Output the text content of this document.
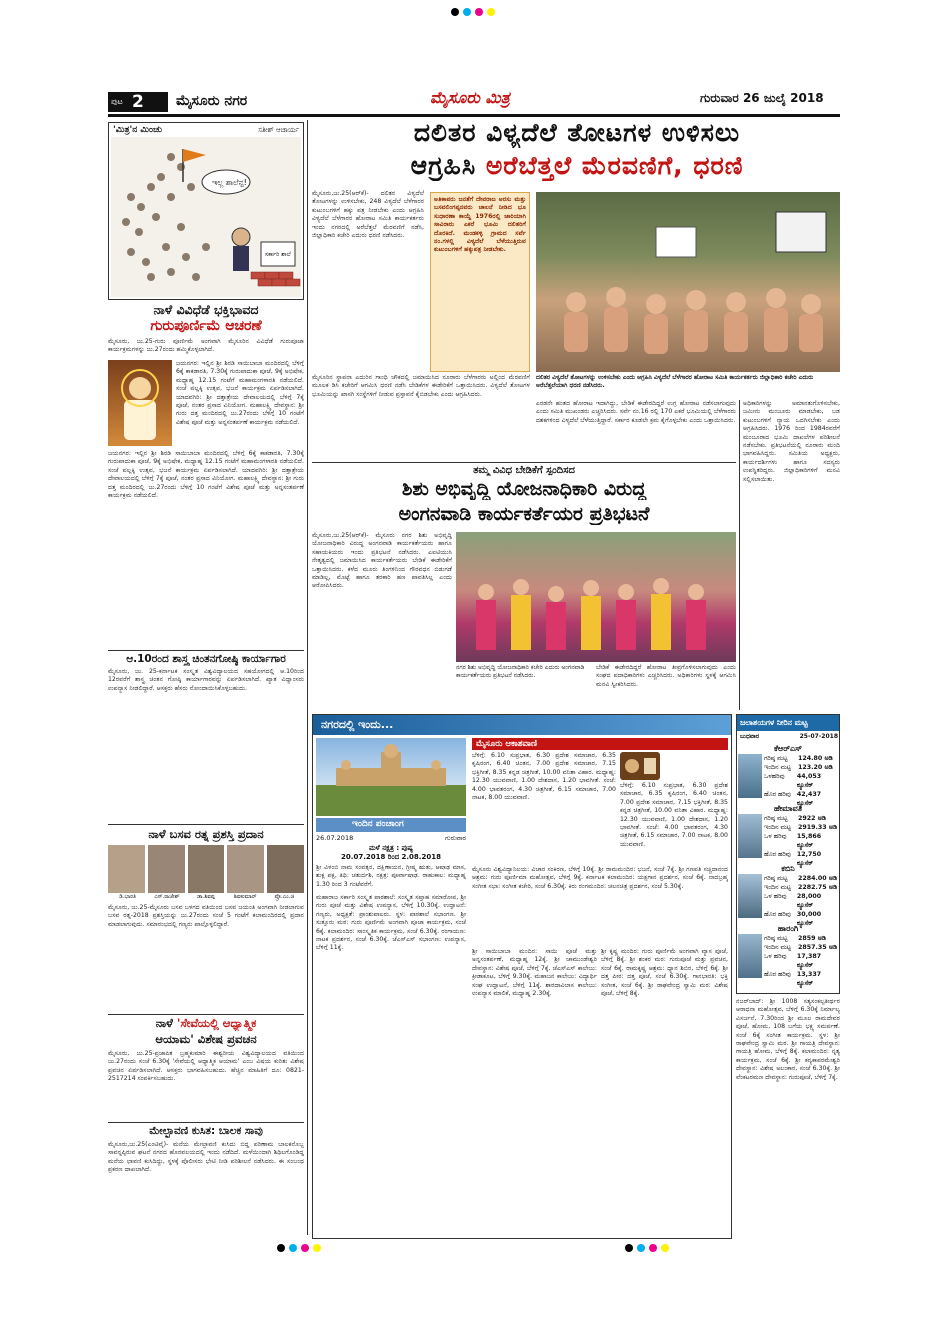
ಪುಟ 2 ಮೈಸೂರು ನಗರ	ಮೈಸೂರು ಮಿತ್ರ	ಗುರುವಾರ 26 ಜುಲೈ 2018
'ಮಿತ್ರ'ನ ಮಿಂಚು	ಸತೀಶ್ ಆಚಾರ್ಯ
ಇಲ್ಲ ಶಾಲೆನ್ಪ!
ಸರ್ಕಾರಿ ಶಾಲೆ
ನಾಳೆ ವಿವಿಧೆಡೆ ಭಕ್ತಿಭಾವದ
ಗುರುಪೂರ್ಣಿಮೆ ಆಚರಣೆ
ಮೈಸೂರು, ಜು.25-ಗುರು ಪೂರ್ಣಿಮೆ ಅಂಗವಾಗಿ ಮೈಸೂರಿನ ವಿವಿಧೆಡೆ ಗುರುಪೂಜಾ ಕಾರ್ಯಕ್ರಮಗಳನ್ನು ಜು.27ರಂದು ಹಮ್ಮಿಕೊಳ್ಳಲಾಗಿದೆ.
ಜಯನಗರ: ಇಲ್ಲಿನ ಶ್ರೀ ಶಿರಡಿ ಸಾಯಿಬಾಬಾ ಮಂದಿರದಲ್ಲಿ ಬೆಳಿಗ್ಗೆ 6ಕ್ಕೆ ಕಾಕಡಾರತಿ, 7.30ಕ್ಕೆ ಗುರುಪಾದುಕಾ ಪೂಜೆ, 9ಕ್ಕೆ ಅಭಿಷೇಕ, ಮಧ್ಯಾಹ್ನ 12.15 ಗಂಟೆಗೆ ಮಹಾಮಂಗಳಾರತಿ ನಡೆಯಲಿದೆ. ಸಂಜೆ ಪಲ್ಲಕ್ಕಿ ಉತ್ಸವ, ಭಜನೆ ಕಾರ್ಯಕ್ರಮ ಏರ್ಪಡಿಸಲಾಗಿದೆ. ಯಾದವಗಿರಿ: ಶ್ರೀ ದತ್ತಾತ್ರೇಯ ದೇವಾಲಯದಲ್ಲಿ ಬೆಳಿಗ್ಗೆ 7ಕ್ಕೆ ಪೂಜೆ, ನಂತರ ಪ್ರಸಾದ ವಿನಿಯೋಗ. ಮಹಾಲಕ್ಷ್ಮಿ ದೇವಸ್ಥಾನ: ಶ್ರೀ ಗುರು ದತ್ತ ಮಂದಿರದಲ್ಲಿ ಜು.27ರಂದು ಬೆಳಿಗ್ಗೆ 10 ಗಂಟೆಗೆ ವಿಶೇಷ ಪೂಜೆ ಮತ್ತು ಅನ್ನಸಂತರ್ಪಣೆ ಕಾರ್ಯಕ್ರಮ ನಡೆಯಲಿದೆ.
ಜಯನಗರ: ಇಲ್ಲಿನ ಶ್ರೀ ಶಿರಡಿ ಸಾಯಿಬಾಬಾ ಮಂದಿರದಲ್ಲಿ ಬೆಳಿಗ್ಗೆ 6ಕ್ಕೆ ಕಾಕಡಾರತಿ, 7.30ಕ್ಕೆ ಗುರುಪಾದುಕಾ ಪೂಜೆ, 9ಕ್ಕೆ ಅಭಿಷೇಕ, ಮಧ್ಯಾಹ್ನ 12.15 ಗಂಟೆಗೆ ಮಹಾಮಂಗಳಾರತಿ ನಡೆಯಲಿದೆ. ಸಂಜೆ ಪಲ್ಲಕ್ಕಿ ಉತ್ಸವ, ಭಜನೆ ಕಾರ್ಯಕ್ರಮ ಏರ್ಪಡಿಸಲಾಗಿದೆ. ಯಾದವಗಿರಿ: ಶ್ರೀ ದತ್ತಾತ್ರೇಯ ದೇವಾಲಯದಲ್ಲಿ ಬೆಳಿಗ್ಗೆ 7ಕ್ಕೆ ಪೂಜೆ, ನಂತರ ಪ್ರಸಾದ ವಿನಿಯೋಗ. ಮಹಾಲಕ್ಷ್ಮಿ ದೇವಸ್ಥಾನ: ಶ್ರೀ ಗುರು ದತ್ತ ಮಂದಿರದಲ್ಲಿ ಜು.27ರಂದು ಬೆಳಿಗ್ಗೆ 10 ಗಂಟೆಗೆ ವಿಶೇಷ ಪೂಜೆ ಮತ್ತು ಅನ್ನಸಂತರ್ಪಣೆ ಕಾರ್ಯಕ್ರಮ ನಡೆಯಲಿದೆ.
ಆ.10ರಂದ ಶಾಸ್ತ್ರ ಚಿಂತನಗೋಷ್ಠಿ ಕಾರ್ಯಾಗಾರ
ಮೈಸೂರು, ಜು. 25-ಕರ್ನಾಟಕ ಸಂಸ್ಕೃತ ವಿಶ್ವವಿದ್ಯಾಲಯದ ಸಹಯೋಗದಲ್ಲಿ ಆ.10ರಿಂದ 12ರವರೆಗೆ ಶಾಸ್ತ್ರ ಚಿಂತನ ಗೋಷ್ಠಿ ಕಾರ್ಯಾಗಾರವನ್ನು ಏರ್ಪಡಿಸಲಾಗಿದೆ. ಖ್ಯಾತ ವಿದ್ವಾಂಸರು ಉಪನ್ಯಾಸ ನೀಡಲಿದ್ದಾರೆ. ಆಸಕ್ತರು ಹೆಸರು ನೋಂದಾಯಿಸಿಕೊಳ್ಳಬಹುದು.
ನಾಳೆ ಬಸವ ರತ್ನ ಪ್ರಶಸ್ತಿ ಪ್ರದಾನ
ಡಿ.ಭಾರತಿ	ಎಸ್.ರಾಜೇಶ್	ಡಾ.ಶಿವಪ್ಪ	ಶಿವಕುಮಾರ್	ಪ್ರೊ.ಎಂ.ಜಿ
ಮೈಸೂರು, ಜು.25-ಮೈಸೂರು ಬಸವ ಬಳಗದ ವತಿಯಿಂದ ಬಸವ ಜಯಂತಿ ಅಂಗವಾಗಿ ನೀಡಲಾಗುವ ಬಸವ ರತ್ನ-2018 ಪ್ರಶಸ್ತಿಯನ್ನು ಜು.27ರಂದು ಸಂಜೆ 5 ಗಂಟೆಗೆ ಕಲಾಮಂದಿರದಲ್ಲಿ ಪ್ರದಾನ ಮಾಡಲಾಗುವುದು. ಸಮಾರಂಭದಲ್ಲಿ ಗಣ್ಯರು ಪಾಲ್ಗೊಳ್ಳಲಿದ್ದಾರೆ.
ನಾಳೆ 'ಸೇವೆಯಲ್ಲಿ ಆಧ್ಯಾತ್ಮಿಕ
ಆಯಾಮ' ವಿಶೇಷ ಪ್ರವಚನ
ಮೈಸೂರು, ಜು.25-ಪ್ರಜಾಪಿತ ಬ್ರಹ್ಮಕುಮಾರಿ ಈಶ್ವರೀಯ ವಿಶ್ವವಿದ್ಯಾಲಯದ ವತಿಯಿಂದ ಜು.27ರಂದು ಸಂಜೆ 6.30ಕ್ಕೆ 'ಸೇವೆಯಲ್ಲಿ ಆಧ್ಯಾತ್ಮಿಕ ಆಯಾಮ' ಎಂಬ ವಿಷಯ ಕುರಿತು ವಿಶೇಷ ಪ್ರವಚನ ಏರ್ಪಡಿಸಲಾಗಿದೆ. ಆಸಕ್ತರು ಭಾಗವಹಿಸಬಹುದು. ಹೆಚ್ಚಿನ ಮಾಹಿತಿಗೆ ದೂ: 0821-2517214 ಸಂಪರ್ಕಿಸಬಹುದು.
ಮೇಲ್ಛಾವಣಿ ಕುಸಿತ: ಬಾಲಕ ಸಾವು
ಮೈಸೂರು,ಜು.25(ಎಂಟಿವೈ)- ಮನೆಯ ಮೇಲ್ಛಾವಣಿ ಕುಸಿದು ಬಿದ್ದ ಪರಿಣಾಮ ಬಾಲಕನೊಬ್ಬ ಸಾವನ್ನಪ್ಪಿರುವ ಘಟನೆ ನಗರದ ಹೊರವಲಯದಲ್ಲಿ ಇಂದು ನಡೆದಿದೆ. ಮಳೆಯಿಂದಾಗಿ ಶಿಥಿಲಗೊಂಡಿದ್ದ ಮನೆಯ ಛಾವಣಿ ಕುಸಿದಿದ್ದು, ಸ್ಥಳಕ್ಕೆ ಪೊಲೀಸರು ಭೇಟಿ ನೀಡಿ ಪರಿಶೀಲನೆ ನಡೆಸಿದರು. ಈ ಸಂಬಂಧ ಪ್ರಕರಣ ದಾಖಲಾಗಿದೆ.
ದಲಿತರ ವಿಳ್ಯದೆಲೆ ತೋಟಗಳ ಉಳಿಸಲು
ಆಗ್ರಹಿಸಿ ಅರೆಬೆತ್ತಲೆ ಮೆರವಣಿಗೆ, ಧರಣಿ
ಮೈಸೂರು,ಜು.25(ಆರ್‌ಕೆ)- ದಲಿತರ ವಿಳ್ಯದೆಲೆ ತೋಟಗಳನ್ನು ಉಳಿಸಬೇಕು, 248 ವಿಳ್ಯದೆಲೆ ಬೆಳೆಗಾರರ ಕುಟುಂಬಗಳಿಗೆ ಹಕ್ಕು ಪತ್ರ ನೀಡಬೇಕು ಎಂದು ಆಗ್ರಹಿಸಿ ವಿಳ್ಯದೆಲೆ ಬೆಳೆಗಾರರ ಹೋರಾಟ ಸಮಿತಿ ಕಾರ್ಯಕರ್ತರು ಇಂದು ನಗರದಲ್ಲಿ ಅರೆಬೆತ್ತಲೆ ಮೆರವಣಿಗೆ ನಡೆಸಿ, ಜಿಲ್ಲಾಧಿಕಾರಿ ಕಚೇರಿ ಎದುರು ಧರಣಿ ನಡೆಸಿದರು.
ಅತಿಕಾಪರು ಜನತೆಗೆ ದೇವರಾಜ ಅರಸು ಮತ್ತು ಬಸವಲಿಂಗಪ್ಪನವರು ಚಾಲನೆ ನೀಡಿದ ಭೂ ಸುಧಾರಣಾ ಕಾಯ್ದೆ 1976ರಲ್ಲಿ ಜಾರಿಯಾಗಿ ಸಾವಿರಾರು ಎಕರೆ ಭೂಮಿ ದಲಿತರಿಗೆ ದೊರಕಿದೆ. ಮಂಡಕಳ್ಳಿ ಗ್ರಾಮದ ಸರ್ವೆ ನಂ.ಗಳಲ್ಲಿ ವಿಳ್ಯದೆಲೆ ಬೆಳೆಯುತ್ತಿರುವ ಕುಟುಂಬಗಳಿಗೆ ಹಕ್ಕುಪತ್ರ ನೀಡಬೇಕು.
ಮೈಸೂರಿನ ಸ್ಥಾಪನಾ ಎದುರಿನ ಗಾಂಧಿ ಚೌಕದಲ್ಲಿ ಜಮಾಯಿಸಿದ ನೂರಾರು ಬೆಳೆಗಾರರು ಅಲ್ಲಿಂದ ಮೆರವಣಿಗೆ ಮೂಲಕ ಡಿಸಿ ಕಚೇರಿಗೆ ಆಗಮಿಸಿ ಧರಣಿ ನಡೆಸಿ ಬೇಡಿಕೆಗಳ ಈಡೇರಿಕೆಗೆ ಒತ್ತಾಯಿಸಿದರು. ವಿಳ್ಯದೆಲೆ ತೋಟಗಳ ಭೂಮಿಯನ್ನು ಖಾಸಗಿ ಸಂಸ್ಥೆಗಳಿಗೆ ನೀಡುವ ಪ್ರಸ್ತಾವನೆ ಕೈಬಿಡಬೇಕು ಎಂದು ಆಗ್ರಹಿಸಿದರು.
ದಲಿತರ ವಿಳ್ಯದೆಲೆ ತೋಟಗಳನ್ನು ಉಳಿಸಬೇಕು ಎಂದು ಆಗ್ರಹಿಸಿ ವಿಳ್ಯದೆಲೆ ಬೆಳೆಗಾರರ ಹೋರಾಟ ಸಮಿತಿ ಕಾರ್ಯಕರ್ತರು ಜಿಲ್ಲಾಧಿಕಾರಿ ಕಚೇರಿ ಎದುರು ಅರೆಬೆತ್ತಲೆಯಾಗಿ ಧರಣಿ ನಡೆಸಿದರು.
ಎರಡನೇ ಹಂತದ ಹೋರಾಟ ಇದಾಗಿದ್ದು, ಬೇಡಿಕೆ ಈಡೇರದಿದ್ದರೆ ಉಗ್ರ ಹೋರಾಟ ನಡೆಸಲಾಗುವುದು ಎಂದು ಸಮಿತಿ ಮುಖಂಡರು ಎಚ್ಚರಿಸಿದರು. ಸರ್ವೆ ನಂ.16 ರಲ್ಲಿ 170 ಎಕರೆ ಭೂಮಿಯಲ್ಲಿ ಬೆಳೆಗಾರರು ದಶಕಗಳಿಂದ ವಿಳ್ಯದೆಲೆ ಬೆಳೆಯುತ್ತಿದ್ದಾರೆ. ಸರ್ಕಾರ ಕೂಡಲೇ ಕ್ರಮ ಕೈಗೊಳ್ಳಬೇಕು ಎಂದು ಒತ್ತಾಯಿಸಿದರು.
ಅಧಿಕಾರಿಗಳನ್ನು ಅಮಾನತುಗೊಳಿಸಬೇಕು, ಜಮೀನು ಮಂಜೂರು ಮಾಡಬೇಕು, ಬಡ ಕುಟುಂಬಗಳಿಗೆ ನ್ಯಾಯ ಒದಗಿಸಬೇಕು ಎಂದು ಆಗ್ರಹಿಸಿದರು. 1976 ರಿಂದ 1984ರವರೆಗೆ ಮಂಜೂರಾದ ಭೂಮಿ ದಾಖಲೆಗಳ ಪರಿಶೀಲನೆ ನಡೆಸಬೇಕು. ಪ್ರತಿಭಟನೆಯಲ್ಲಿ ನೂರಾರು ಮಂದಿ ಭಾಗವಹಿಸಿದ್ದರು. ಸಮಿತಿಯ ಅಧ್ಯಕ್ಷರು, ಕಾರ್ಯದರ್ಶಿಗಳು ಹಾಗೂ ಸದಸ್ಯರು ಉಪಸ್ಥಿತರಿದ್ದರು. ಜಿಲ್ಲಾಧಿಕಾರಿಗಳಿಗೆ ಮನವಿ ಸಲ್ಲಿಸಲಾಯಿತು.
ತಮ್ಮ ವಿವಿಧ ಬೇಡಿಕೆಗೆ ಸ್ಪಂದಿಸದ
ಶಿಶು ಅಭಿವೃದ್ಧಿ ಯೋಜನಾಧಿಕಾರಿ ವಿರುದ್ಧ
ಅಂಗನವಾಡಿ ಕಾರ್ಯಕರ್ತೆಯರ ಪ್ರತಿಭಟನೆ
ಮೈಸೂರು,ಜು.25(ಆರ್‌ಕೆ)- ಮೈಸೂರು ನಗರ ಶಿಶು ಅಭಿವೃದ್ಧಿ ಯೋಜನಾಧಿಕಾರಿ ವಿರುದ್ಧ ಅಂಗನವಾಡಿ ಕಾರ್ಯಕರ್ತೆಯರು ಹಾಗೂ ಸಹಾಯಕಿಯರು ಇಂದು ಪ್ರತಿಭಟನೆ ನಡೆಸಿದರು. ಎಐಟಿಯುಸಿ ನೇತೃತ್ವದಲ್ಲಿ ಜಮಾಯಿಸಿದ ಕಾರ್ಯಕರ್ತೆಯರು ಬೇಡಿಕೆ ಈಡೇರಿಕೆಗೆ ಒತ್ತಾಯಿಸಿದರು. ಕಳೆದ ಮೂರು ತಿಂಗಳಿನಿಂದ ಗೌರವಧನ ಬಿಡುಗಡೆ ಮಾಡಿಲ್ಲ, ಮೊಟ್ಟೆ ಹಾಗೂ ತರಕಾರಿ ಹಣ ಪಾವತಿಸಿಲ್ಲ ಎಂದು ಆರೋಪಿಸಿದರು.
ನಗರ ಶಿಶು ಅಭಿವೃದ್ಧಿ ಯೋಜನಾಧಿಕಾರಿ ಕಚೇರಿ ಎದುರು ಅಂಗನವಾಡಿ ಕಾರ್ಯಕರ್ತೆಯರು ಪ್ರತಿಭಟನೆ ನಡೆಸಿದರು.
ಬೇಡಿಕೆ ಈಡೇರದಿದ್ದರೆ ಹೋರಾಟ ತೀವ್ರಗೊಳಿಸಲಾಗುವುದು ಎಂದು ಸಂಘದ ಪದಾಧಿಕಾರಿಗಳು ಎಚ್ಚರಿಸಿದರು. ಅಧಿಕಾರಿಗಳು ಸ್ಥಳಕ್ಕೆ ಆಗಮಿಸಿ ಮನವಿ ಸ್ವೀಕರಿಸಿದರು.
ನಗರದಲ್ಲಿ ಇಂದು...
ಮೈಸೂರು ಆಕಾಶವಾಣಿ
ಬೆಳಿಗ್ಗೆ: 6.10 ಸುಪ್ರಭಾತ, 6.30 ಪ್ರದೇಶ ಸಮಾಚಾರ, 6.35 ಕೃಷಿರಂಗ, 6.40 ಚಿಂತನ, 7.00 ಪ್ರದೇಶ ಸಮಾಚಾರ, 7.15 ಭಕ್ತಿಗೀತೆ, 8.35 ಕನ್ನಡ ಚಿತ್ರಗೀತೆ, 10.00 ವನಿತಾ ವಿಹಾರ. ಮಧ್ಯಾಹ್ನ: 12.30 ಯುವವಾಣಿ, 1.00 ದೇಶದಾಸ, 1.20 ಭಾವಗೀತೆ. ಸಂಜೆ: 4.00 ಭಾವತರಂಗ, 4.30 ಚಿತ್ರಗೀತೆ, 6.15 ಸಮಾಚಾರ, 7.00 ನಾಟಕ, 8.00 ಯುವವಾಣಿ.
ಬೆಳಿಗ್ಗೆ: 6.10 ಸುಪ್ರಭಾತ, 6.30 ಪ್ರದೇಶ ಸಮಾಚಾರ, 6.35 ಕೃಷಿರಂಗ, 6.40 ಚಿಂತನ, 7.00 ಪ್ರದೇಶ ಸಮಾಚಾರ, 7.15 ಭಕ್ತಿಗೀತೆ, 8.35 ಕನ್ನಡ ಚಿತ್ರಗೀತೆ, 10.00 ವನಿತಾ ವಿಹಾರ. ಮಧ್ಯಾಹ್ನ: 12.30 ಯುವವಾಣಿ, 1.00 ದೇಶದಾಸ, 1.20 ಭಾವಗೀತೆ. ಸಂಜೆ: 4.00 ಭಾವತರಂಗ, 4.30 ಚಿತ್ರಗೀತೆ, 6.15 ಸಮಾಚಾರ, 7.00 ನಾಟಕ, 8.00 ಯುವವಾಣಿ.
ಇಂದಿನ ಪಂಚಾಂಗ
26.07.2018	ಗುರುವಾರ
ಮಳೆ ನಕ್ಷತ್ರ : ಪುಷ್ಯ
20.07.2018 ರಿಂದ 2.08.2018
ಶ್ರೀ ವಿಳಂಬಿ ನಾಮ ಸಂವತ್ಸರ, ದಕ್ಷಿಣಾಯನ, ಗ್ರೀಷ್ಮ ಋತು, ಆಷಾಢ ಮಾಸ, ಶುಕ್ಲ ಪಕ್ಷ, ತಿಥಿ: ಚತುರ್ದಶಿ, ನಕ್ಷತ್ರ: ಪೂರ್ವಾಷಾಢ. ರಾಹುಕಾಲ: ಮಧ್ಯಾಹ್ನ 1.30 ರಿಂದ 3 ಗಂಟೆವರೆಗೆ.
ಮಹಾರಾಜ ಸರ್ಕಾರಿ ಸಂಸ್ಕೃತ ಪಾಠಶಾಲೆ: ಸಂಸ್ಕೃತ ಸಪ್ತಾಹ ಸಮಾರೋಪ, ಶ್ರೀ ಗುರು ಪೂಜೆ ಮತ್ತು ವಿಶೇಷ ಉಪನ್ಯಾಸ, ಬೆಳಿಗ್ಗೆ 10.30ಕ್ಕೆ. ಉದ್ಘಾಟನೆ: ಗಣ್ಯರು, ಅಧ್ಯಕ್ಷತೆ: ಪ್ರಾಂಶುಪಾಲರು. ಸ್ಥಳ: ಪಾಠಶಾಲೆ ಸಭಾಂಗಣ. ಶ್ರೀ ಸುತ್ತೂರು ಮಠ: ಗುರು ಪೂರ್ಣಿಮೆ ಅಂಗವಾಗಿ ಪೂಜಾ ಕಾರ್ಯಕ್ರಮ, ಸಂಜೆ 6ಕ್ಕೆ. ಕಲಾಮಂದಿರ: ಸಾಂಸ್ಕೃತಿಕ ಕಾರ್ಯಕ್ರಮ, ಸಂಜೆ 6.30ಕ್ಕೆ. ರಂಗಾಯಣ: ನಾಟಕ ಪ್ರದರ್ಶನ, ಸಂಜೆ 6.30ಕ್ಕೆ. ಜೆಎಸ್‌ಎಸ್ ಸಭಾಂಗಣ: ಉಪನ್ಯಾಸ, ಬೆಳಿಗ್ಗೆ 11ಕ್ಕೆ.
ಮೈಸೂರು ವಿಶ್ವವಿದ್ಯಾನಿಲಯ: ವಿಚಾರ ಸಂಕಿರಣ, ಬೆಳಿಗ್ಗೆ 10ಕ್ಕೆ. ಶ್ರೀ ರಾಮಮಂದಿರ: ಭಜನೆ, ಸಂಜೆ 7ಕ್ಕೆ. ಶ್ರೀ ಗಣಪತಿ ಸಚ್ಚಿದಾನಂದ ಆಶ್ರಮ: ಗುರು ಪೂರ್ಣಿಮಾ ಮಹೋತ್ಸವ, ಬೆಳಿಗ್ಗೆ 9ಕ್ಕೆ. ಕರ್ನಾಟಕ ಕಲಾಮಂದಿರ: ಯಕ್ಷಗಾನ ಪ್ರದರ್ಶನ, ಸಂಜೆ 6ಕ್ಕೆ. ನಾದಬ್ರಹ್ಮ ಸಂಗೀತ ಸಭಾ: ಸಂಗೀತ ಕಚೇರಿ, ಸಂಜೆ 6.30ಕ್ಕೆ. ಕಿರು ರಂಗಮಂದಿರ: ಚಲನಚಿತ್ರ ಪ್ರದರ್ಶನ, ಸಂಜೆ 5.30ಕ್ಕೆ.
ಶ್ರೀ ಸಾಯಿಬಾಬಾ ಮಂದಿರ: ಸಾಯಿ ಪೂಜೆ ಮತ್ತು ಅನ್ನಸಂತರ್ಪಣೆ, ಮಧ್ಯಾಹ್ನ 12ಕ್ಕೆ. ಶ್ರೀ ಚಾಮುಂಡೇಶ್ವರಿ ದೇವಸ್ಥಾನ: ವಿಶೇಷ ಪೂಜೆ, ಬೆಳಿಗ್ಗೆ 7ಕ್ಕೆ. ಜೆಎಸ್‌ಎಸ್ ಕಾಲೇಜು: ಕ್ರೀಡಾಕೂಟ, ಬೆಳಿಗ್ಗೆ 9.30ಕ್ಕೆ. ಮಹಾಜನ ಕಾಲೇಜು: ವಿದ್ಯಾರ್ಥಿ ಸಂಘ ಉದ್ಘಾಟನೆ, ಬೆಳಿಗ್ಗೆ 11ಕ್ಕೆ. ಶಾರದಾವಿಲಾಸ ಕಾಲೇಜು: ಉಪನ್ಯಾಸ ಮಾಲಿಕೆ, ಮಧ್ಯಾಹ್ನ 2.30ಕ್ಕೆ.
ಶ್ರೀ ಕೃಷ್ಣ ಮಂದಿರ: ಗುರು ಪೂರ್ಣಿಮೆ ಅಂಗವಾಗಿ ವ್ಯಾಸ ಪೂಜೆ, ಬೆಳಿಗ್ಗೆ 8ಕ್ಕೆ. ಶ್ರೀ ಶಂಕರ ಮಠ: ಗುರುಪೂಜೆ ಮತ್ತು ಪ್ರವಚನ, ಸಂಜೆ 6ಕ್ಕೆ. ರಾಮಕೃಷ್ಣ ಆಶ್ರಮ: ಧ್ಯಾನ ಶಿಬಿರ, ಬೆಳಿಗ್ಗೆ 6ಕ್ಕೆ. ಶ್ರೀ ದತ್ತ ಪೀಠ: ದತ್ತ ಪೂಜೆ, ಸಂಜೆ 6.30ಕ್ಕೆ. ಗಾನಭಾರತಿ: ಭಕ್ತಿ ಸಂಗೀತ, ಸಂಜೆ 6ಕ್ಕೆ. ಶ್ರೀ ರಾಘವೇಂದ್ರ ಸ್ವಾಮಿ ಮಠ: ವಿಶೇಷ ಪೂಜೆ, ಬೆಳಿಗ್ಗೆ 8ಕ್ಕೆ.
ಜಲಾಶಯಗಳ ನೀರಿನ ಮಟ್ಟ
ಬುಧವಾರ	25-07-2018
ಕೆಆರ್‌ಎಸ್
ಗರಿಷ್ಠ ಮಟ್ಟ	124.80 ಅಡಿ
ಇಂದಿನ ಮಟ್ಟ	123.20 ಅಡಿ
ಒಳಹರಿವು	44,053 ಕ್ಯೂಸೆಕ್
ಹೊರ ಹರಿವು 42,437 ಕ್ಯೂಸೆಕ್
ಹೇಮಾವತಿ
ಗರಿಷ್ಠ ಮಟ್ಟ	2922 ಅಡಿ
ಇಂದಿನ ಮಟ್ಟ	2919.33 ಅಡಿ
ಒಳ ಹರಿವು	15,866 ಕ್ಯೂಸೆಕ್
ಹೊರ ಹರಿವು 12,750 ಕ್ಯೂಸೆಕ್
ಕಬಿನಿ
ಗರಿಷ್ಠ ಮಟ್ಟ	2284.00 ಅಡಿ
ಇಂದಿನ ಮಟ್ಟ	2282.75 ಅಡಿ
ಒಳ ಹರಿವು	28,000 ಕ್ಯೂಸೆಕ್
ಹೊರ ಹರಿವು 30,000 ಕ್ಯೂಸೆಕ್
ಹಾರಂಗಿ
ಗರಿಷ್ಠ ಮಟ್ಟ	2859 ಅಡಿ
ಇಂದಿನ ಮಟ್ಟ	2857.35 ಅಡಿ
ಒಳ ಹರಿವು	17,387 ಕ್ಯೂಸೆಕ್
ಹೊರ ಹರಿವು 13,337 ಕ್ಯೂಸೆಕ್
ನಜರ್‌ಬಾದ್: ಶ್ರೀ 1008 ಸತ್ಯಸಂಕಲ್ಪತೀರ್ಥರ ಆರಾಧನಾ ಮಹೋತ್ಸವ, ಬೆಳಿಗ್ಗೆ 6.30ಕ್ಕೆ ನಿರ್ಮಾಲ್ಯ ವಿಸರ್ಜನೆ, 7.30ರಿಂದ ಶ್ರೀ ಮೂಲ ರಾಮದೇವರ ಪೂಜೆ, ಹೋಮ, 108 ಬಗೆಯ ಭಕ್ಷ್ಯ ಸಮರ್ಪಣೆ. ಸಂಜೆ 6ಕ್ಕೆ ಸಂಗೀತ ಕಾರ್ಯಕ್ರಮ. ಸ್ಥಳ: ಶ್ರೀ ರಾಘವೇಂದ್ರ ಸ್ವಾಮಿ ಮಠ. ಶ್ರೀ ಗಾಯತ್ರಿ ದೇವಸ್ಥಾನ: ಗಾಯತ್ರಿ ಹೋಮ, ಬೆಳಿಗ್ಗೆ 8ಕ್ಕೆ. ಕಲಾಮಂದಿರ: ನೃತ್ಯ ಕಾರ್ಯಕ್ರಮ, ಸಂಜೆ 6ಕ್ಕೆ. ಶ್ರೀ ಕನ್ಯಕಾಪರಮೇಶ್ವರಿ ದೇವಸ್ಥಾನ: ವಿಶೇಷ ಅಲಂಕಾರ, ಸಂಜೆ 6.30ಕ್ಕೆ. ಶ್ರೀ ವೆಂಕಟರಮಣ ದೇವಸ್ಥಾನ: ಗುರುಪೂಜೆ, ಬೆಳಿಗ್ಗೆ 7ಕ್ಕೆ.
